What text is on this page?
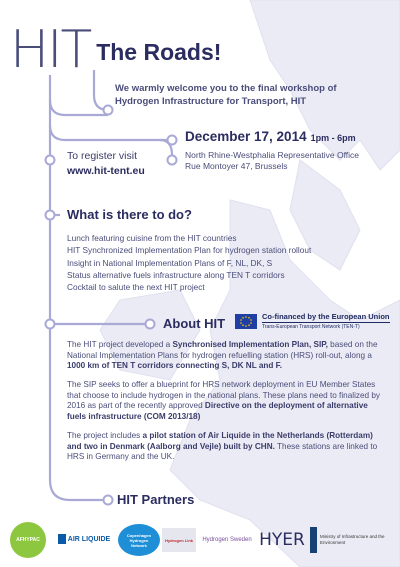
HIT The Roads!
We warmly welcome you to the final workshop of
Hydrogen Infrastructure for Transport, HIT
December 17, 2014 1pm - 6pm
North Rhine-Westphalia Representative Office
Rue Montoyer 47, Brussels
To register visit
www.hit-tent.eu
What is there to do?
Lunch featuring cuisine from the HIT countries
HIT Synchronized Implementation Plan for hydrogen station rollout
Insight in National Implementation Plans of F, NL, DK, S
Status alternative fuels infrastructure along TEN T corridors
Cocktail to salute the next HIT project
About HIT	Co-financed by the European Union
Trans-European Transport Network (TEN-T)
The HIT project developed a Synchronised Implementation Plan, SIP, based on the National Implementation Plans for hydrogen refuelling station (HRS) roll-out, along a 1000 km of TEN T corridors connecting S, DK NL and F.
The SIP seeks to offer a blueprint for HRS network deployment in EU Member States that choose to include hydrogen in the national plans. These plans need to finalized by 2016 as part of the recently approved Directive on the deployment of alternative fuels infrastructure (COM 2013/18)
The project includes a pilot station of Air Liquide in the Netherlands (Rotterdam) and two in Denmark (Aalborg and Vejle) built by CHN. These stations are linked to HRS in Germany and the UK.
HIT Partners
AFHYPAC	AIR LIQUIDE
Copenhagen Hydrogen Network
Hydrogen Link Hydrogen Sweden HYER	Ministry of Infrastructure and the Environment
